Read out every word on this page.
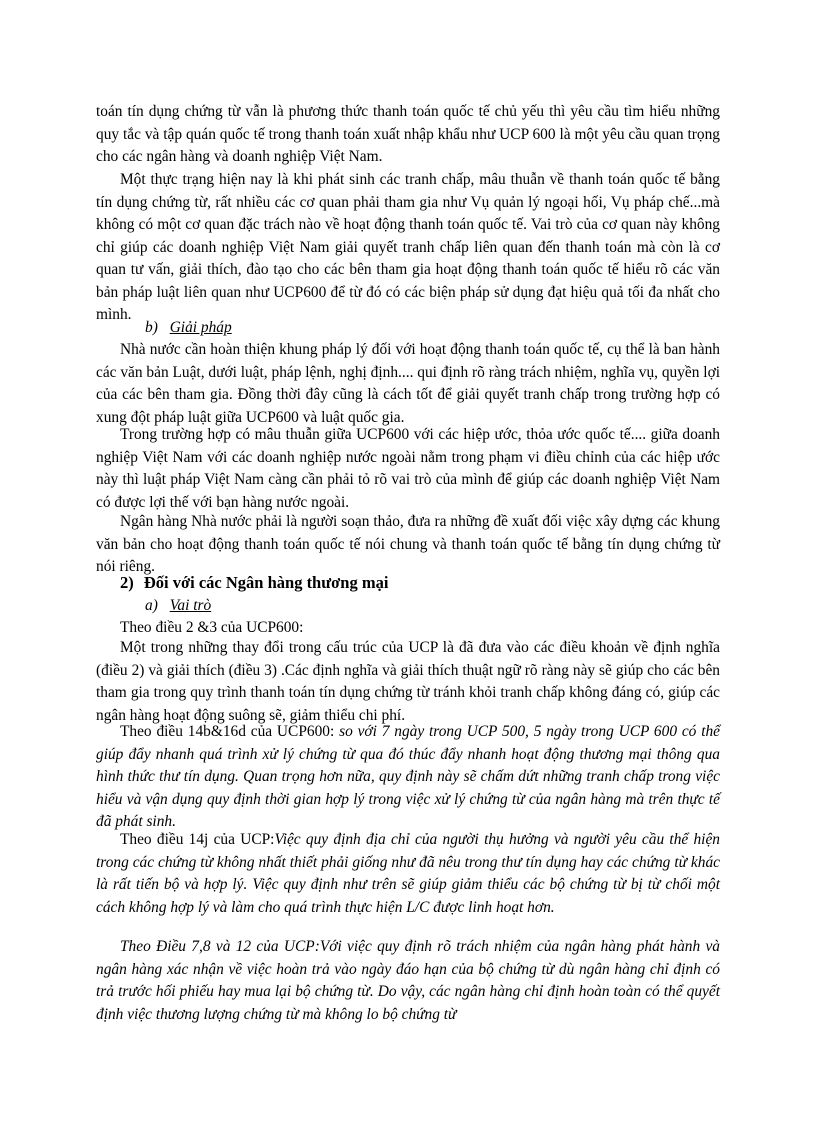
toán tín dụng chứng từ vẫn là phương thức thanh toán quốc tế chủ yếu thì yêu cầu tìm hiểu những quy tắc và tập quán quốc tế trong thanh toán xuất nhập khẩu như UCP 600 là một yêu cầu quan trọng cho các ngân hàng và doanh nghiệp Việt Nam.

Một thực trạng hiện nay là khi phát sinh các tranh chấp, mâu thuẫn về thanh toán quốc tế bằng tín dụng chứng từ, rất nhiều các cơ quan phải tham gia như Vụ quản lý ngoại hối, Vụ pháp chế...mà không có một cơ quan đặc trách nào về hoạt động thanh toán quốc tế. Vai trò của cơ quan này không chỉ giúp các doanh nghiệp Việt Nam giải quyết tranh chấp liên quan đến thanh toán mà còn là cơ quan tư vấn, giải thích, đào tạo cho các bên tham gia hoạt động thanh toán quốc tế hiểu rõ các văn bản pháp luật liên quan như UCP600 để từ đó có các biện pháp sử dụng đạt hiệu quả tối đa nhất cho mình.

b) Giải pháp

Nhà nước cần hoàn thiện khung pháp lý đối với hoạt động thanh toán quốc tế, cụ thể là ban hành các văn bản Luật, dưới luật, pháp lệnh, nghị định.... qui định rõ ràng trách nhiệm, nghĩa vụ, quyền lợi của các bên tham gia. Đồng thời đây cũng là cách tốt để giải quyết tranh chấp trong trường hợp có xung đột pháp luật giữa UCP600 và luật quốc gia.

Trong trường hợp có mâu thuẫn giữa UCP600 với các hiệp ước, thỏa ước quốc tế.... giữa doanh nghiệp Việt Nam với các doanh nghiệp nước ngoài nằm trong phạm vi điều chỉnh của các hiệp ước này thì luật pháp Việt Nam càng cần phải tỏ rõ vai trò của mình để giúp các doanh nghiệp Việt Nam có được lợi thế với bạn hàng nước ngoài.

Ngân hàng Nhà nước phải là người soạn thảo, đưa ra những đề xuất đối việc xây dựng các khung văn bản cho hoạt động thanh toán quốc tế nói chung và thanh toán quốc tế bằng tín dụng chứng từ nói riêng.

2) Đối với các Ngân hàng thương mại
a) Vai trò

Theo điều 2 &3 của UCP600:

Một trong những thay đổi trong cấu trúc của UCP là đã đưa vào các điều khoản về định nghĩa (điều 2) và giải thích (điều 3) .Các định nghĩa và giải thích thuật ngữ rõ ràng này sẽ giúp cho các bên tham gia trong quy trình thanh toán tín dụng chứng từ tránh khỏi tranh chấp không đáng có, giúp các ngân hàng hoạt động suông sẽ, giảm thiểu chi phí.

Theo điều 14b&16d của UCP600: so với 7 ngày trong UCP 500, 5 ngày trong UCP 600 có thể giúp đẩy nhanh quá trình xử lý chứng từ qua đó thúc đẩy nhanh hoạt động thương mại thông qua hình thức thư tín dụng. Quan trọng hơn nữa, quy định này sẽ chấm dứt những tranh chấp trong việc hiểu và vận dụng quy định thời gian hợp lý trong việc xử lý chứng từ của ngân hàng mà trên thực tế đã phát sinh.

Theo điều 14j của UCP:Việc quy định địa chỉ của người thụ hưởng và người yêu cầu thể hiện trong các chứng từ không nhất thiết phải giống như đã nêu trong thư tín dụng hay các chứng từ khác là rất tiến bộ và hợp lý. Việc quy định như trên sẽ giúp giảm thiểu các bộ chứng từ bị từ chối một cách không hợp lý và làm cho quá trình thực hiện L/C được linh hoạt hơn.

Theo Điều 7,8 và 12 của UCP:Với việc quy định rõ trách nhiệm của ngân hàng phát hành và ngân hàng xác nhận về việc hoàn trả vào ngày đáo hạn của bộ chứng từ dù ngân hàng chỉ định có trả trước hối phiếu hay mua lại bộ chứng từ. Do vậy, các ngân hàng chỉ định hoàn toàn có thể quyết định việc thương lượng chứng từ mà không lo bộ chứng từ
